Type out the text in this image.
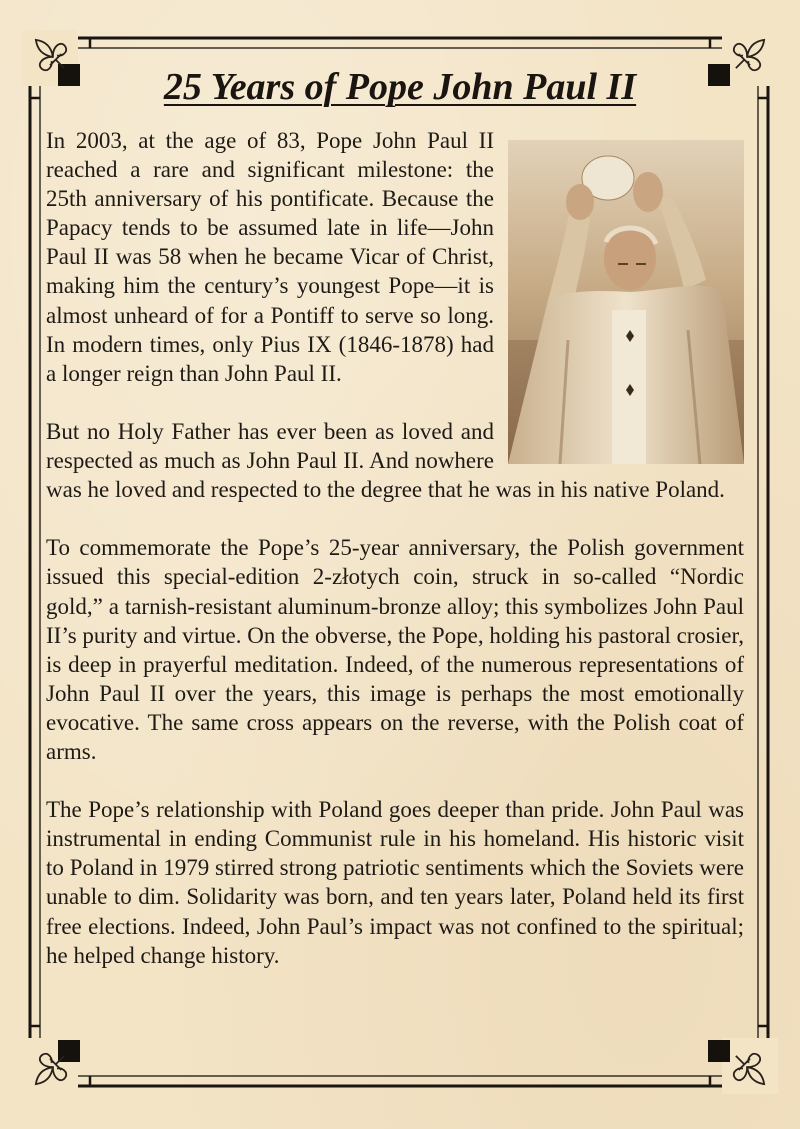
25 Years of Pope John Paul II

In 2003, at the age of 83, Pope John Paul II reached a rare and significant milestone: the 25th anniversary of his pontificate. Because the Papacy tends to be assumed late in life—John Paul II was 58 when he became Vicar of Christ, making him the century’s youngest Pope—it is almost unheard of for a Pontiff to serve so long. In modern times, only Pius IX (1846-1878) had a longer reign than John Paul II.

But no Holy Father has ever been as loved and respected as much as John Paul II. And nowhere was he loved and respected to the degree that he was in his native Poland.

To commemorate the Pope’s 25-year anniversary, the Polish government issued this special-edition 2-złotych coin, struck in so-called “Nordic gold,” a tarnish-resistant aluminum-bronze alloy; this symbolizes John Paul II’s purity and virtue. On the obverse, the Pope, holding his pastoral crosier, is deep in prayerful meditation. Indeed, of the numerous representations of John Paul II over the years, this image is perhaps the most emotionally evocative. The same cross appears on the reverse, with the Polish coat of arms.

The Pope’s relationship with Poland goes deeper than pride. John Paul was instrumental in ending Communist rule in his homeland. His historic visit to Poland in 1979 stirred strong patriotic sentiments which the Soviets were unable to dim. Solidarity was born, and ten years later, Poland held its first free elections. Indeed, John Paul’s impact was not confined to the spiritual; he helped change history.
